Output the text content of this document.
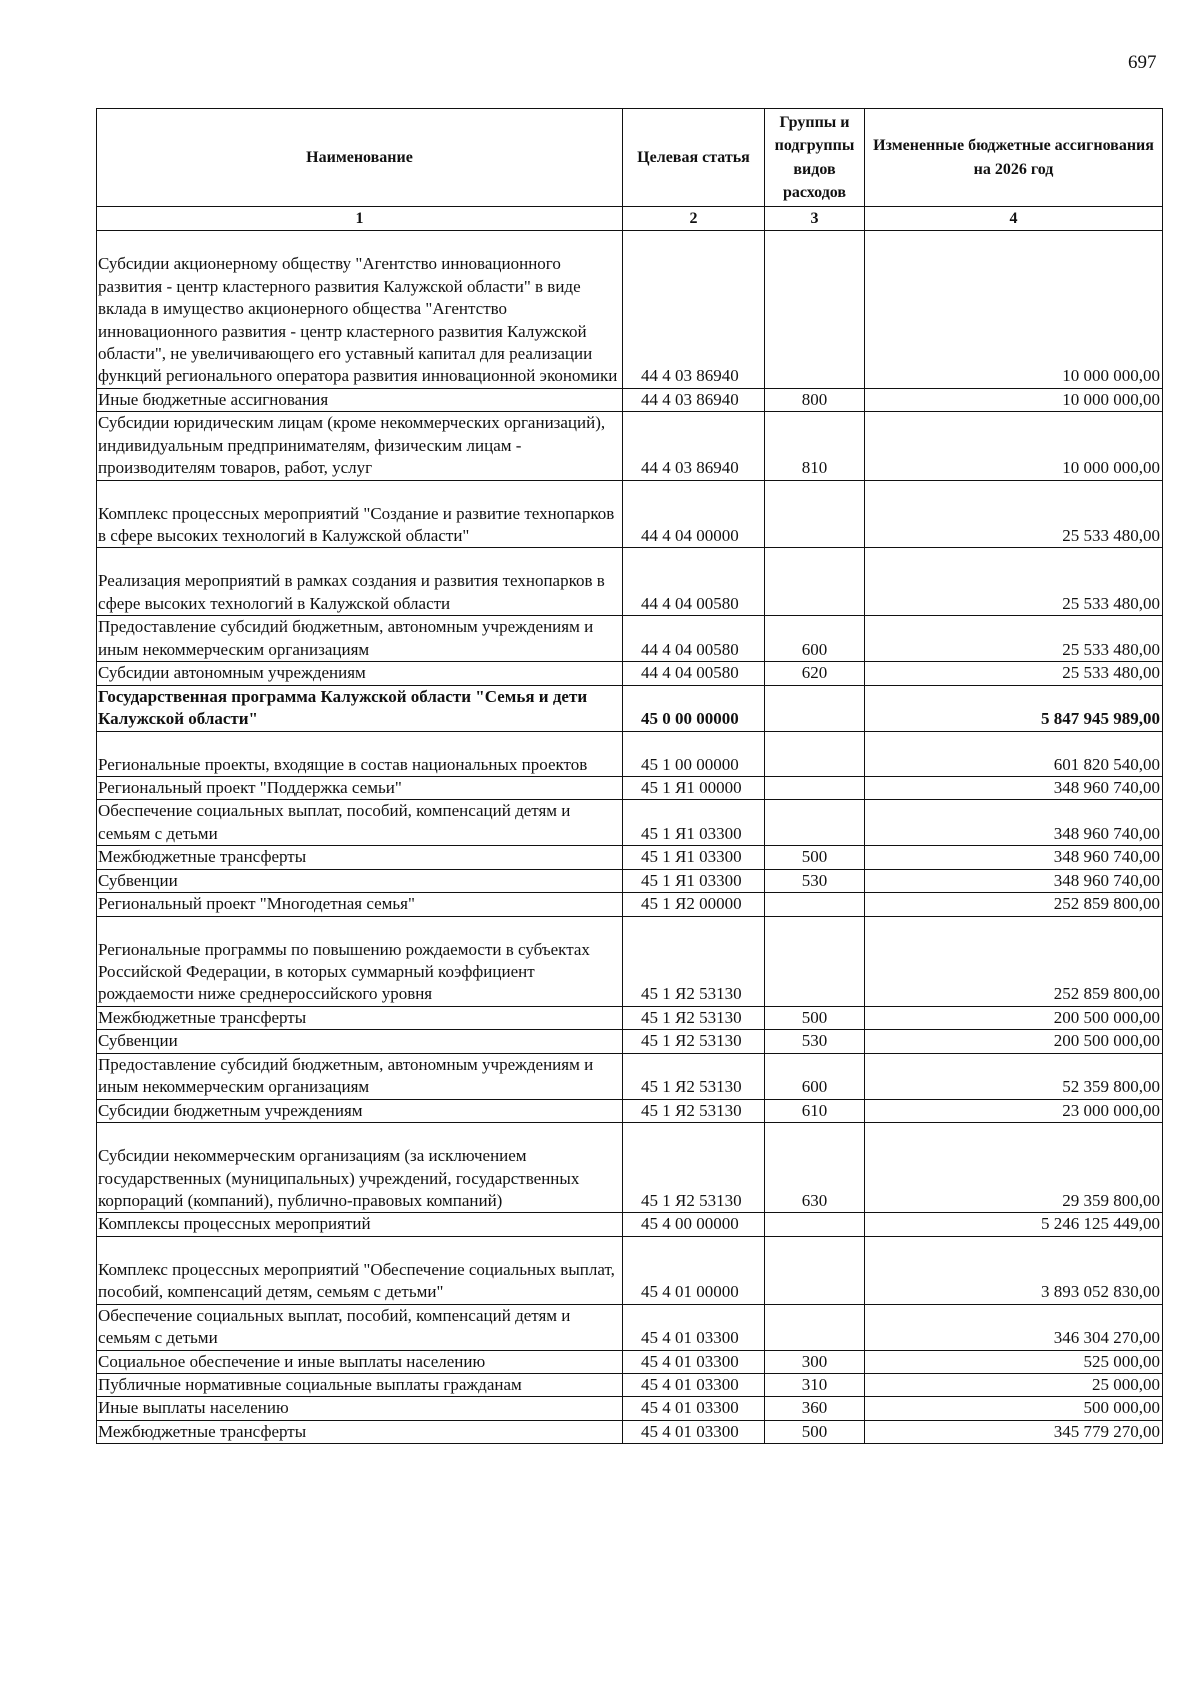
697
Наименование	Целевая статья	Группы и подгруппы видов расходов	Измененные бюджетные ассигнования на 2026 год
1	2	3	4
Субсидии акционерному обществу "Агентство инновационного развития - центр кластерного развития Калужской области" в виде вклада в имущество акционерного общества "Агентство инновационного развития - центр кластерного развития Калужской области", не увеличивающего его уставный капитал для реализации функций регионального оператора развития инновационной экономики	44 4 03 86940		10 000 000,00
Иные бюджетные ассигнования	44 4 03 86940	800	10 000 000,00
Субсидии юридическим лицам (кроме некоммерческих организаций), индивидуальным предпринимателям, физическим лицам - производителям товаров, работ, услуг	44 4 03 86940	810	10 000 000,00
Комплекс процессных мероприятий "Создание и развитие технопарков в сфере высоких технологий в Калужской области"	44 4 04 00000		25 533 480,00
Реализация мероприятий в рамках создания и развития технопарков в сфере высоких технологий в Калужской области	44 4 04 00580		25 533 480,00
Предоставление субсидий бюджетным, автономным учреждениям и иным некоммерческим организациям	44 4 04 00580	600	25 533 480,00
Субсидии автономным учреждениям	44 4 04 00580	620	25 533 480,00
Государственная программа Калужской области "Семья и дети Калужской области"	45 0 00 00000		5 847 945 989,00
Региональные проекты, входящие в состав национальных проектов	45 1 00 00000		601 820 540,00
Региональный проект "Поддержка семьи"	45 1 Я1 00000		348 960 740,00
Обеспечение социальных выплат, пособий, компенсаций детям и семьям с детьми	45 1 Я1 03300		348 960 740,00
Межбюджетные трансферты	45 1 Я1 03300	500	348 960 740,00
Субвенции	45 1 Я1 03300	530	348 960 740,00
Региональный проект "Многодетная семья"	45 1 Я2 00000		252 859 800,00
Региональные программы по повышению рождаемости в субъектах Российской Федерации, в которых суммарный коэффициент рождаемости ниже среднероссийского уровня	45 1 Я2 53130		252 859 800,00
Межбюджетные трансферты	45 1 Я2 53130	500	200 500 000,00
Субвенции	45 1 Я2 53130	530	200 500 000,00
Предоставление субсидий бюджетным, автономным учреждениям и иным некоммерческим организациям	45 1 Я2 53130	600	52 359 800,00
Субсидии бюджетным учреждениям	45 1 Я2 53130	610	23 000 000,00
Субсидии некоммерческим организациям (за исключением государственных (муниципальных) учреждений, государственных корпораций (компаний), публично-правовых компаний)	45 1 Я2 53130	630	29 359 800,00
Комплексы процессных мероприятий	45 4 00 00000		5 246 125 449,00
Комплекс процессных мероприятий "Обеспечение социальных выплат, пособий, компенсаций детям, семьям с детьми"	45 4 01 00000		3 893 052 830,00
Обеспечение социальных выплат, пособий, компенсаций детям и семьям с детьми	45 4 01 03300		346 304 270,00
Социальное обеспечение и иные выплаты населению	45 4 01 03300	300	525 000,00
Публичные нормативные социальные выплаты гражданам	45 4 01 03300	310	25 000,00
Иные выплаты населению	45 4 01 03300	360	500 000,00
Межбюджетные трансферты	45 4 01 03300	500	345 779 270,00
